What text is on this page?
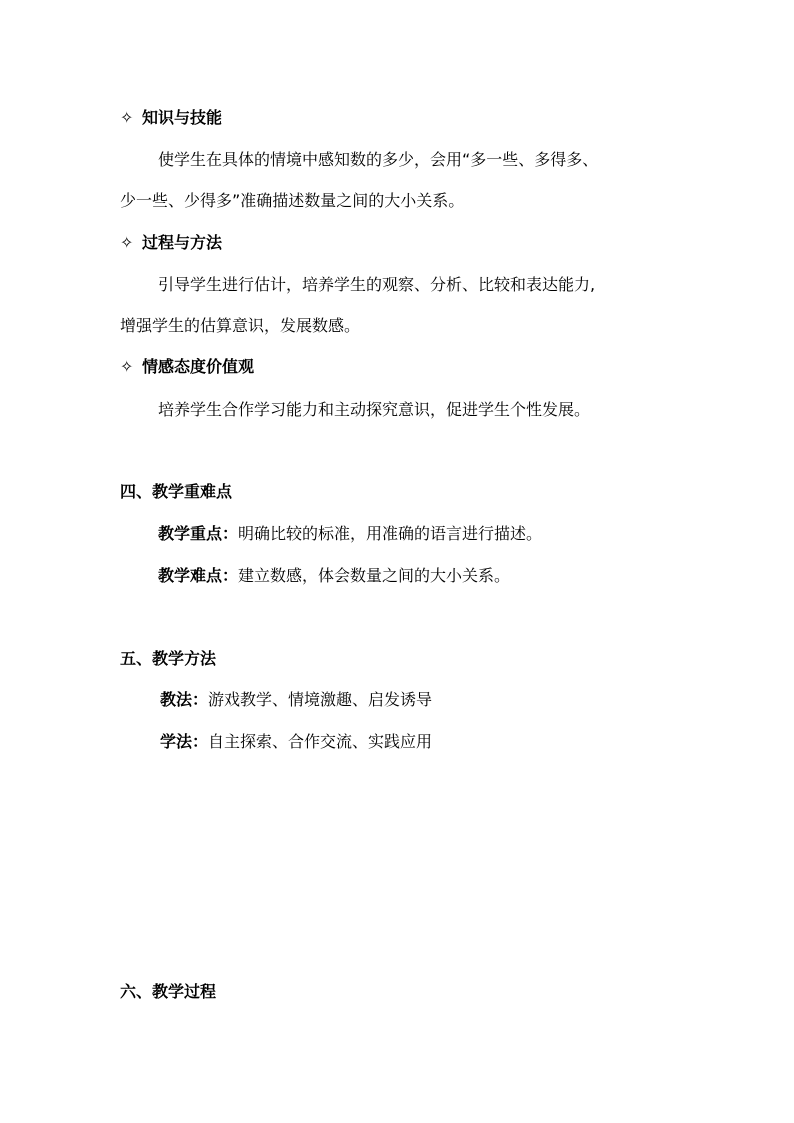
✧ 知识与技能
使学生在具体的情境中感知数的多少，会用“多一些、多得多、
少一些、少得多”准确描述数量之间的大小关系。
✧ 过程与方法
引导学生进行估计，培养学生的观察、分析、比较和表达能力,
增强学生的估算意识，发展数感。
✧ 情感态度价值观
培养学生合作学习能力和主动探究意识，促进学生个性发展。
四、教学重难点
教学重点：明确比较的标准，用准确的语言进行描述。
教学难点：建立数感，体会数量之间的大小关系。
五、教学方法
教法：游戏教学、情境激趣、启发诱导
学法：自主探索、合作交流、实践应用
六、教学过程
